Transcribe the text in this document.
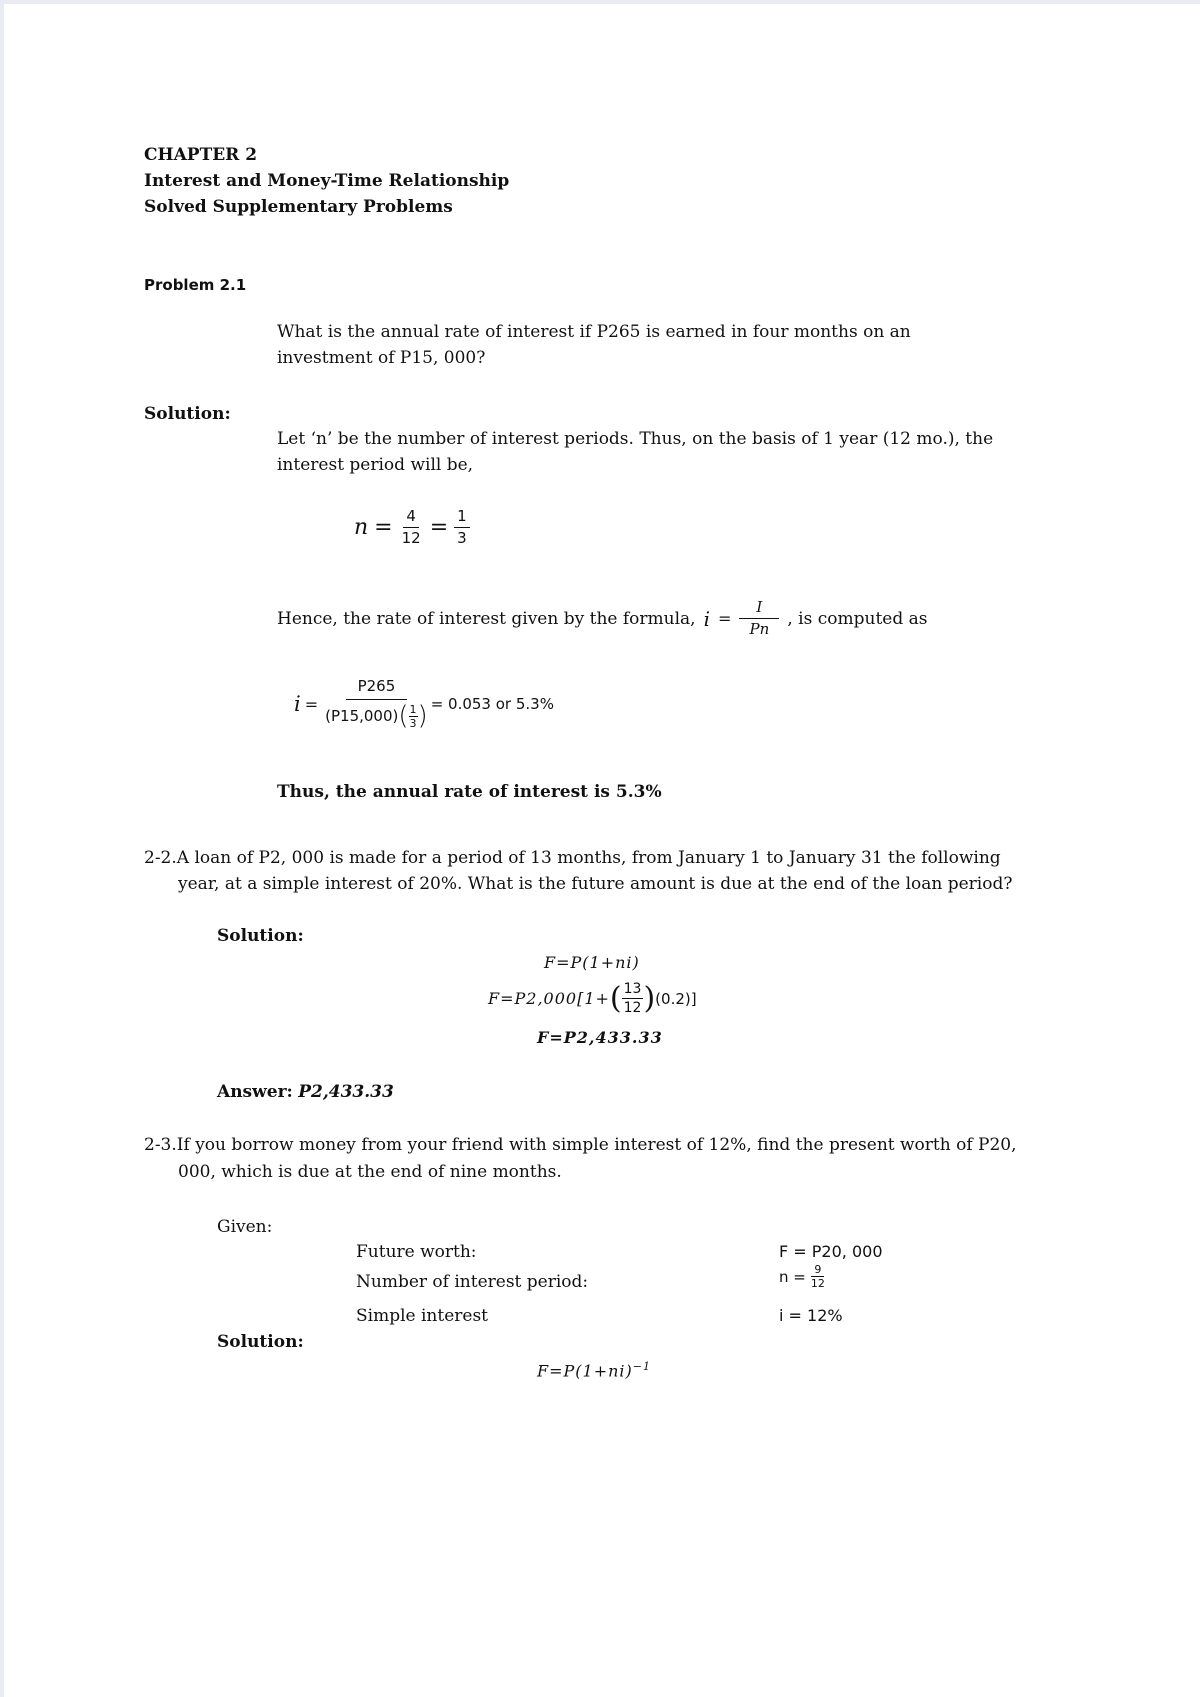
CHAPTER 2
Interest and Money-Time Relationship
Solved Supplementary Problems
Problem 2.1
What is the annual rate of interest if P265 is earned in four months on an
investment of P15, 000?
Solution:
Let ‘n’ be the number of interest periods. Thus, on the basis of 1 year (12 mo.), the
interest period will be,
$n = \frac{4}{12} = \frac{1}{3}$
Hence, the rate of interest given by the formula, $i = \frac{I}{Pn}$ , is computed as
i =
P265
(P15,000) ( $\frac{1}{3}$ ) = 0.053 or 5.3%
Thus, the annual rate of interest is 5.3%
2-2.A loan of P2, 000 is made for a period of 13 months, from January 1 to January 31 the following
year, at a simple interest of 20%. What is the future amount is due at the end of the loan period?
Solution:
F=P(1+ni)
F=P2,000[1+ ( $\frac{13}{12}$ ) (0.2)]
F=P2,433.33
Answer: P2,433.33
2-3.If you borrow money from your friend with simple interest of 12%, find the present worth of P20,
000, which is due at the end of nine months.
Given:
Future worth:	F = P20, 000
Number of interest period:	$n = \frac{9}{12}$
Simple interest	i = 12%
Solution:
$F=P(1+ni)^{-1}$
